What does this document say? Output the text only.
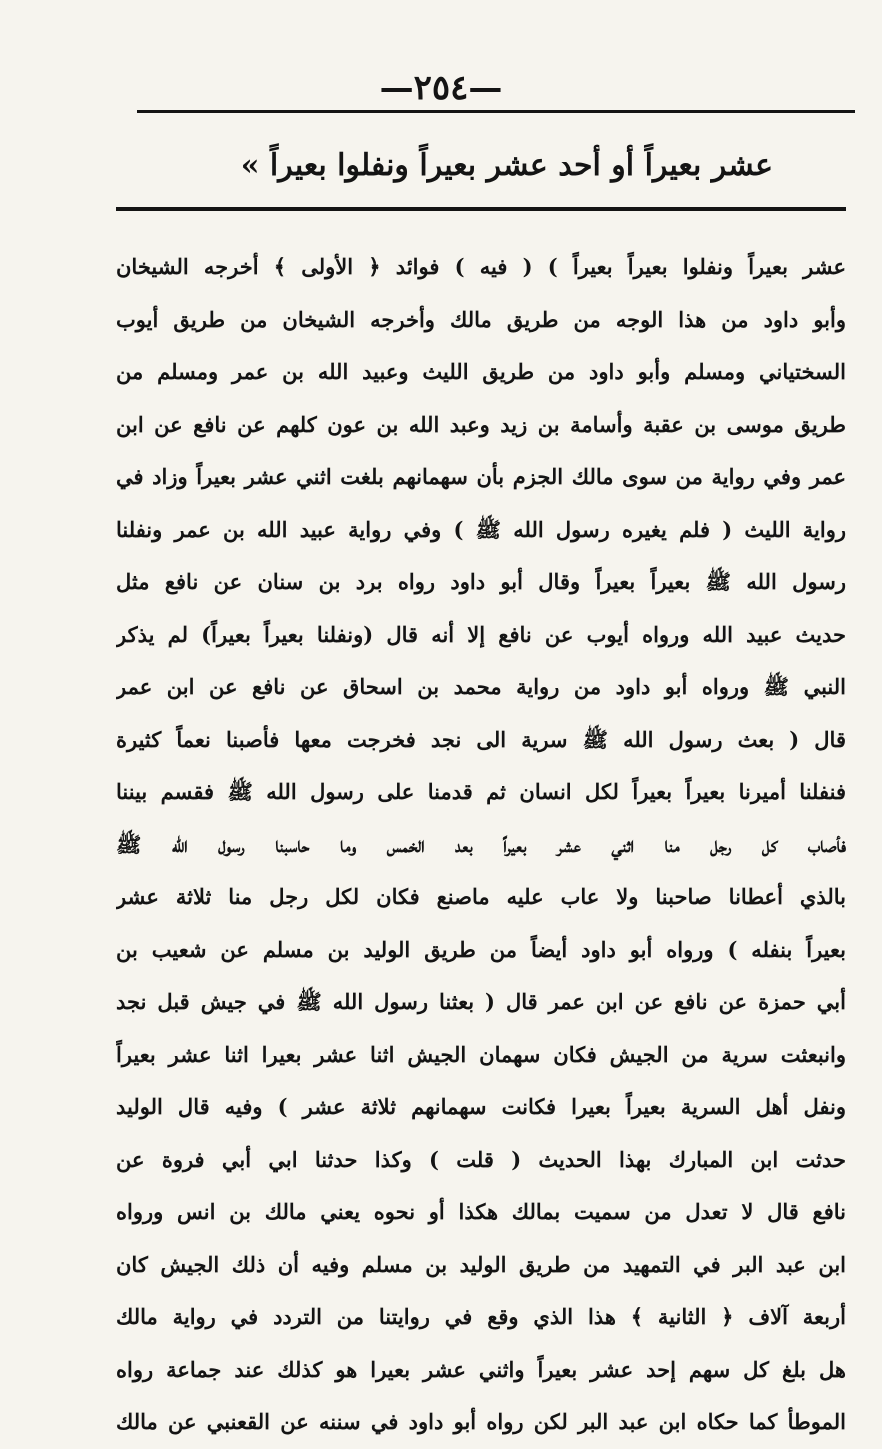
—٢٥٤—
عشر بعيراً أو أحد عشر بعيراً ونفلوا بعيراً »
عشر بعيراً ونفلوا بعيراً بعيراً ) ( فيه ) فوائد ﴿ الأولى ﴾ أخرجه الشيخان
وأبو داود من هذا الوجه من طريق مالك وأخرجه الشيخان من طريق أيوب
السختياني ومسلم وأبو داود من طريق الليث وعبيد الله بن عمر ومسلم من
طريق موسى بن عقبة وأسامة بن زيد وعبد الله بن عون كلهم عن نافع عن ابن
عمر وفي رواية من سوى مالك الجزم بأن سهمانهم بلغت اثني عشر بعيراً وزاد في
رواية الليث ( فلم يغيره رسول الله ﷺ ) وفي رواية عبيد الله بن عمر ونفلنا
رسول الله ﷺ بعيراً بعيراً وقال أبو داود رواه برد بن سنان عن نافع مثل
حديث عبيد الله ورواه أيوب عن نافع إلا أنه قال (ونفلنا بعيراً بعيراً) لم يذكر
النبي ﷺ ورواه أبو داود من رواية محمد بن اسحاق عن نافع عن ابن عمر
قال ( بعث رسول الله ﷺ سرية الى نجد فخرجت معها فأصبنا نعماً كثيرة
فنفلنا أميرنا بعيراً بعيراً لكل انسان ثم قدمنا على رسول الله ﷺ فقسم بيننا
فأصاب كل رجل منا اثني عشر بعيراً بعد الخمس وما حاسبنا رسول الله ﷺ
بالذي أعطانا صاحبنا ولا عاب عليه ماصنع فكان لكل رجل منا ثلاثة عشر
بعيراً بنفله ) ورواه أبو داود أيضاً من طريق الوليد بن مسلم عن شعيب بن
أبي حمزة عن نافع عن ابن عمر قال ( بعثنا رسول الله ﷺ في جيش قبل نجد
وانبعثت سرية من الجيش فكان سهمان الجيش اثنا عشر بعيرا اثنا عشر بعيراً
ونفل أهل السرية بعيراً بعيرا فكانت سهمانهم ثلاثة عشر ) وفيه قال الوليد
حدثت ابن المبارك بهذا الحديث ( قلت ) وكذا حدثنا ابي أبي فروة عن
نافع قال لا تعدل من سميت بمالك هكذا أو نحوه يعني مالك بن انس ورواه
ابن عبد البر في التمهيد من طريق الوليد بن مسلم وفيه أن ذلك الجيش كان
أربعة آلاف ﴿ الثانية ﴾ هذا الذي وقع في روايتنا من التردد في رواية مالك
هل بلغ كل سهم إحد عشر بعيراً واثني عشر بعيرا هو كذلك عند جماعة رواه
الموطأ كما حكاه ابن عبد البر لكن رواه أبو داود في سننه عن القعنبي عن مالك
